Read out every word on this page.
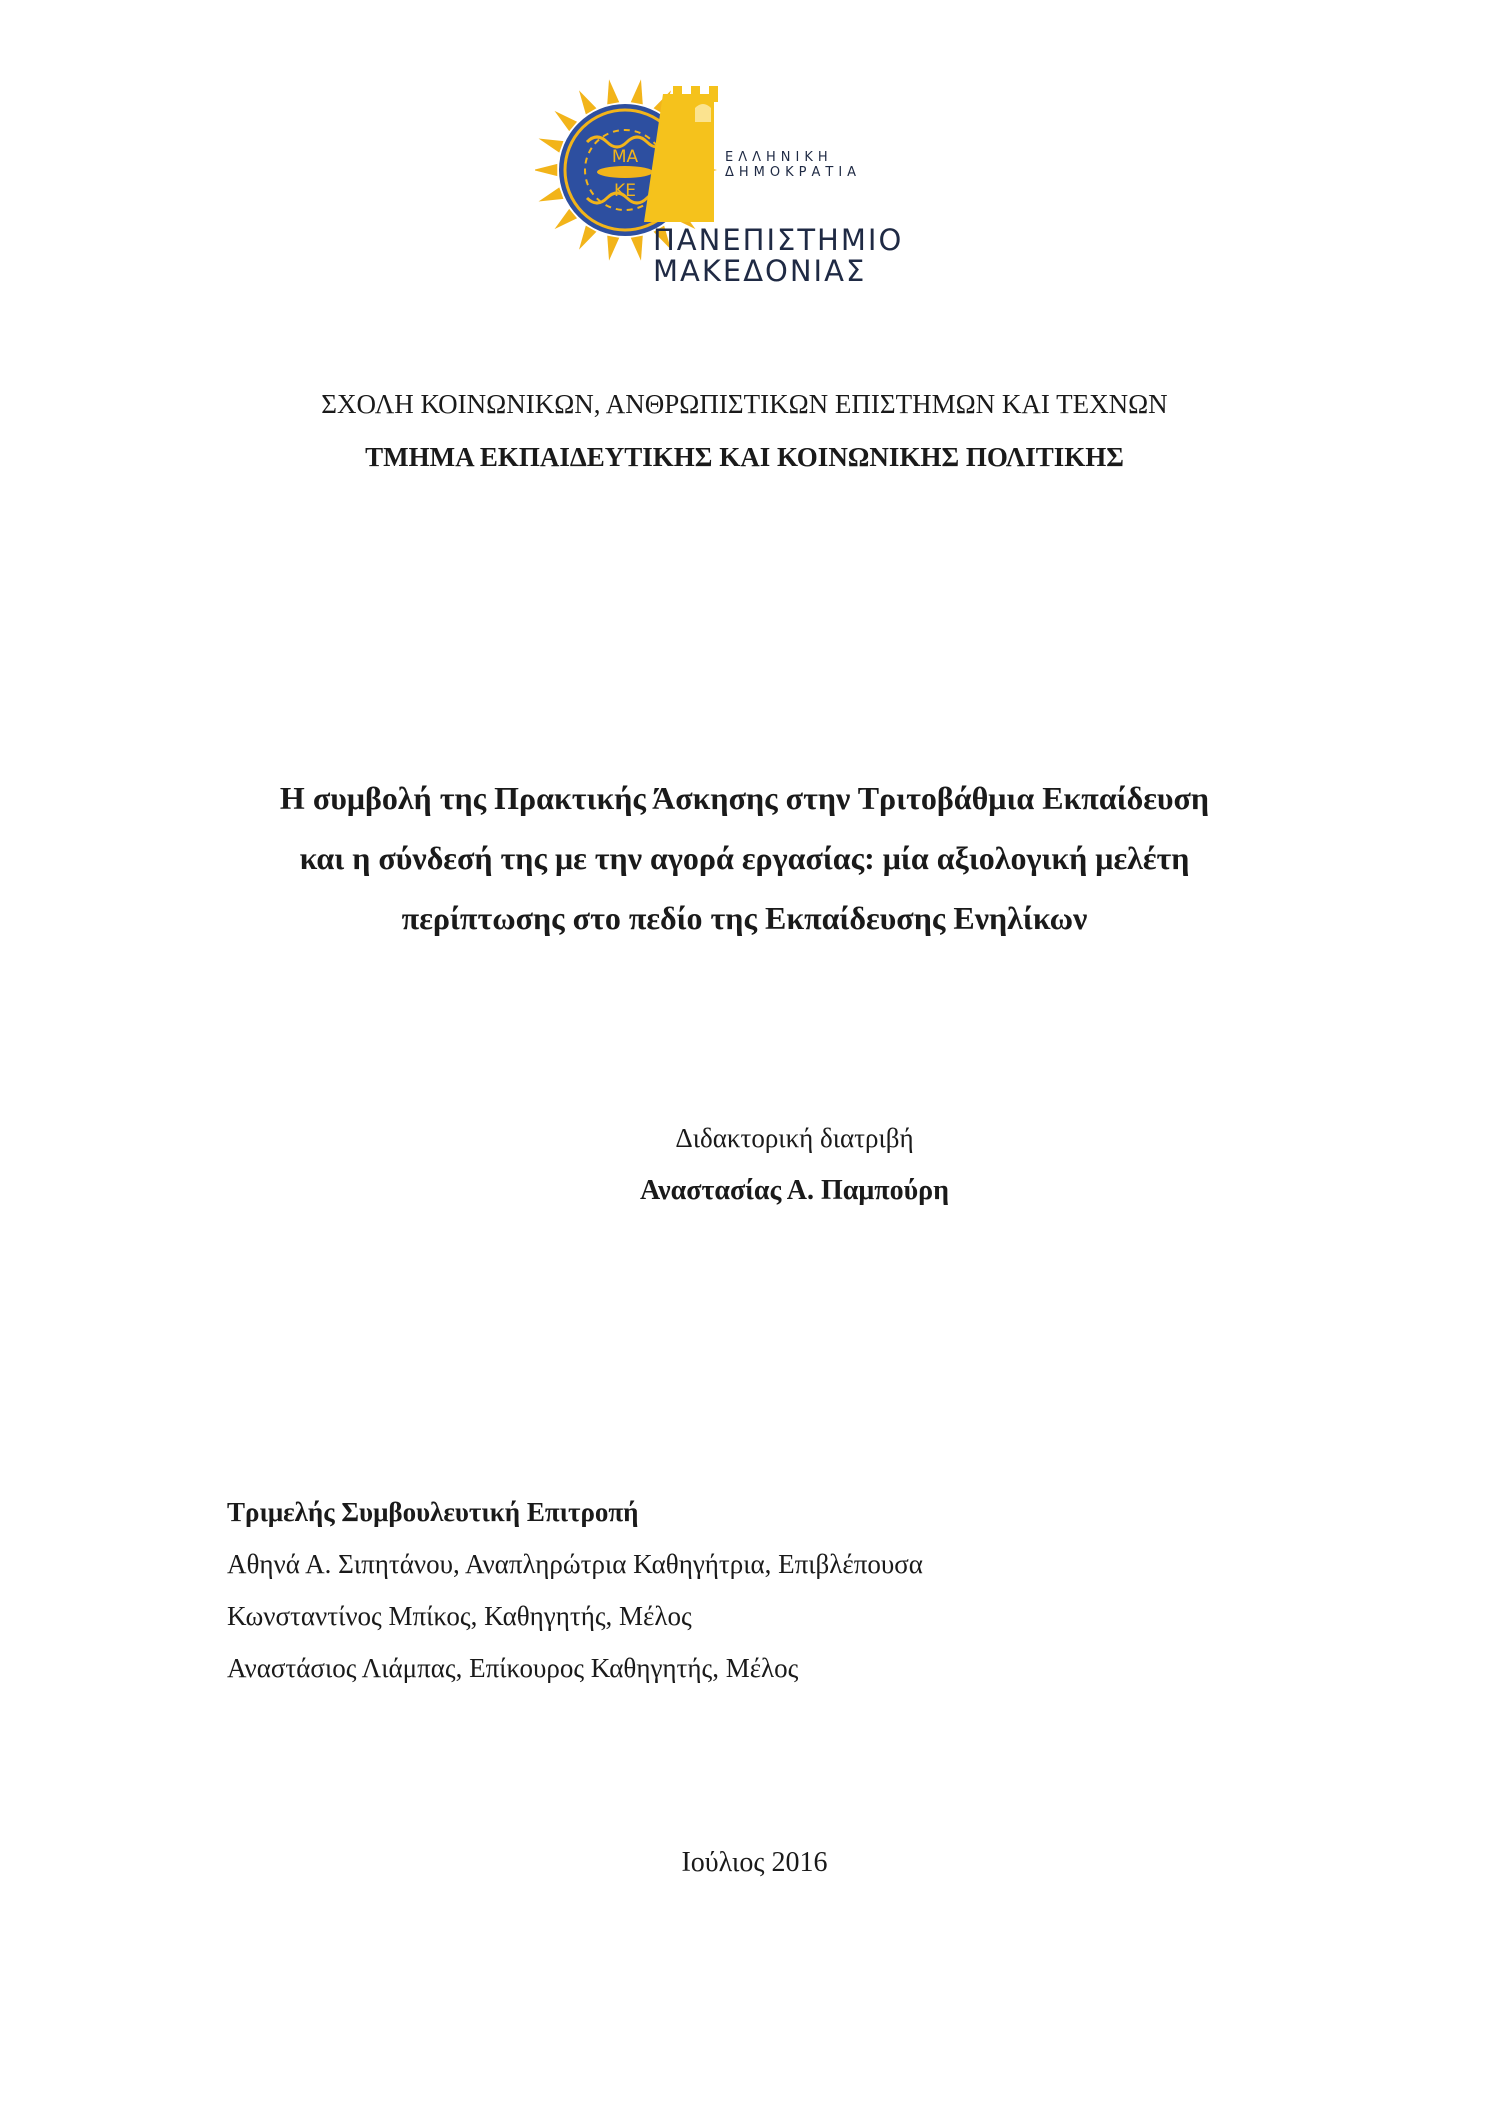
ΜΑ
ΚΕ
ΕΛΛΗΝΙΚΗ
ΔΗΜΟΚΡΑΤΙΑ
ΠΑΝΕΠΙΣΤΗΜΙΟ
ΜΑΚΕΔΟΝΙΑΣ
ΣΧΟΛΗ ΚΟΙΝΩΝΙΚΩΝ, ΑΝΘΡΩΠΙΣΤΙΚΩΝ ΕΠΙΣΤΗΜΩΝ ΚΑΙ ΤΕΧΝΩΝ
ΤΜΗΜΑ ΕΚΠΑΙΔΕΥΤΙΚΗΣ ΚΑΙ ΚΟΙΝΩΝΙΚΗΣ ΠΟΛΙΤΙΚΗΣ
Η συμβολή της Πρακτικής Άσκησης στην Τριτοβάθμια Εκπαίδευση
και η σύνδεσή της με την αγορά εργασίας: μία αξιολογική μελέτη
περίπτωσης στο πεδίο της Εκπαίδευσης Ενηλίκων
Διδακτορική διατριβή
Αναστασίας Α. Παμπούρη
Τριμελής Συμβουλευτική Επιτροπή
Αθηνά Α. Σιπητάνου, Αναπληρώτρια Καθηγήτρια, Επιβλέπουσα
Κωνσταντίνος Μπίκος, Καθηγητής, Μέλος
Αναστάσιος Λιάμπας, Επίκουρος Καθηγητής, Μέλος
Ιούλιος 2016
